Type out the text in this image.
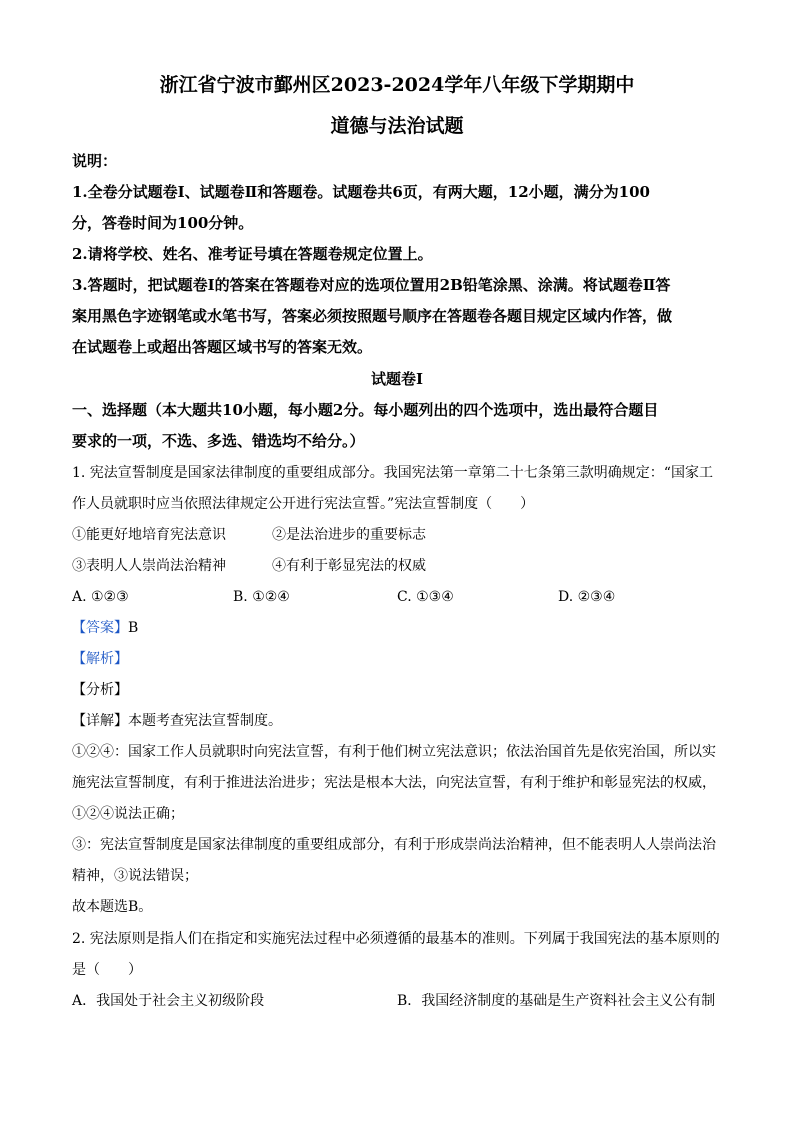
浙江省宁波市鄞州区2023-2024学年八年级下学期期中
道德与法治试题
说明：
1.全卷分试题卷Ⅰ、试题卷Ⅱ和答题卷。试题卷共6页，有两大题，12小题，满分为100
分，答卷时间为100分钟。
2.请将学校、姓名、准考证号填在答题卷规定位置上。
3.答题时，把试题卷Ⅰ的答案在答题卷对应的选项位置用2B铅笔涂黑、涂满。将试题卷Ⅱ答
案用黑色字迹钢笔或水笔书写，答案必须按照题号顺序在答题卷各题目规定区域内作答，做
在试题卷上或超出答题区域书写的答案无效。
试题卷Ⅰ
一、选择题（本大题共10小题，每小题2分。每小题列出的四个选项中，选出最符合题目
要求的一项，不选、多选、错选均不给分。）
1. 宪法宣誓制度是国家法律制度的重要组成部分。我国宪法第一章第二十七条第三款明确规定：“国家工
作人员就职时应当依照法律规定公开进行宪法宣誓。”宪法宣誓制度（　　）
①能更好地培育宪法意识	②是法治进步的重要标志
③表明人人崇尚法治精神	④有利于彰显宪法的权威
A. ①②③	B. ①②④	C. ①③④	D. ②③④
【答案】B
【解析】
【分析】
【详解】本题考查宪法宣誓制度。
①②④：国家工作人员就职时向宪法宣誓，有利于他们树立宪法意识；依法治国首先是依宪治国，所以实
施宪法宣誓制度，有利于推进法治进步；宪法是根本大法，向宪法宣誓，有利于维护和彰显宪法的权威，
①②④说法正确；
③：宪法宣誓制度是国家法律制度的重要组成部分，有利于形成崇尚法治精神，但不能表明人人崇尚法治
精神，③说法错误；
故本题选B。
2. 宪法原则是指人们在指定和实施宪法过程中必须遵循的最基本的准则。下列属于我国宪法的基本原则的
是（　　）
A．我国处于社会主义初级阶段	B．我国经济制度的基础是生产资料社会主义公有制
